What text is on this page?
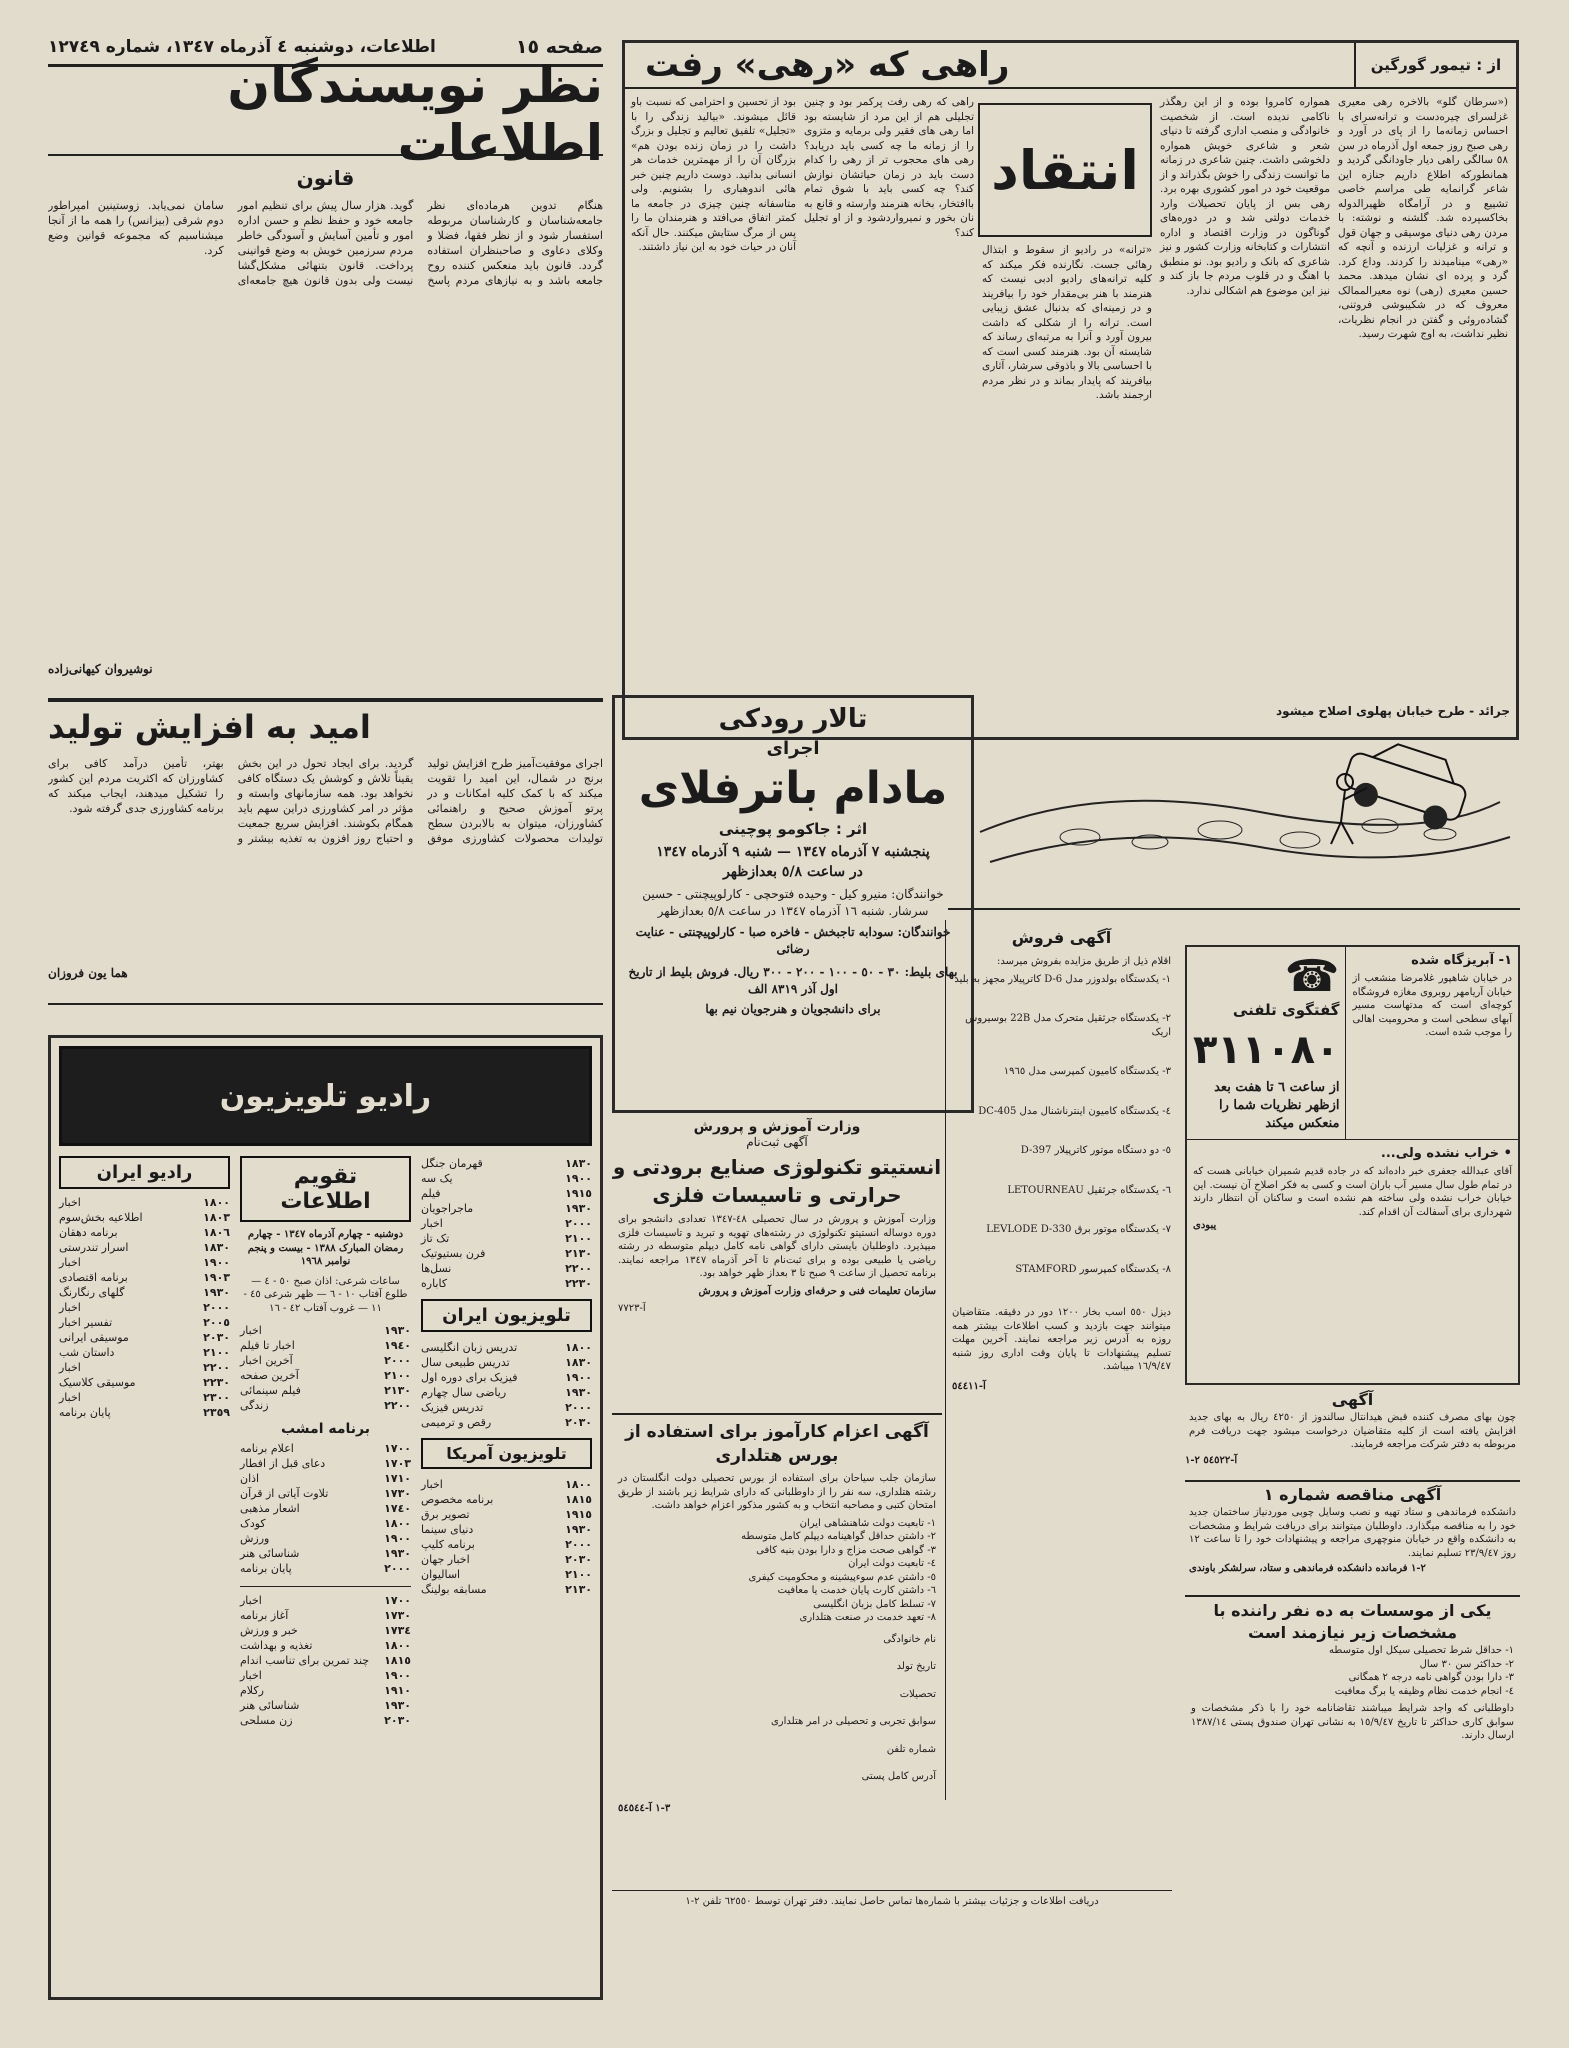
صفحه ١٥
اطلاعات، دوشنبه ٤ آذرماه ١٣٤٧، شماره ١٢٧٤٩
از : تیمور گورگین
راهی که «رهی» رفت
(«سرطان گلو» بالاخره رهی معیری غزلسرای چیره‌دست و ترانه‌سرای با احساس زمانه‌ما را از پای در آورد و رهی صبح روز جمعه اول آذرماه در سن ٥٨ سالگی راهی دیار جاودانگی گردید و همانطورکه اطلاع داریم جنازه این شاعر گرانمایه طی مراسم خاصی تشییع و در آرامگاه ظهیرالدوله بخاکسپرده شد. گلشنه و نوشته: با مردن رهی دنیای موسیقی و جهان قول و ترانه و غزلیات ارزنده و آنچه که «رهی» مینامیدند را کردند. وداع کرد. گرد و پرده ای نشان میدهد. محمد حسین معیری (رهی) نوه معیرالممالک معروف که در شکیبوشی فروتنی، گشاده‌روئی و گفتن در انجام نظریات، نظیر نداشت، به اوج شهرت رسید.
همواره کامروا بوده و از این رهگذر ناکامی ندیده است. از شخصیت خانوادگی و منصب اداری گرفته تا دنیای شعر و شاعری خویش همواره دلخوشی داشت. چنین شاعری در زمانه ما توانست زندگی را خوش بگذراند و از موقعیت خود در امور کشوری بهره برد. رهی بس از پایان تحصیلات وارد خدمات دولتی شد و در دوره‌های گوناگون در وزارت اقتصاد و اداره انتشارات و کتابخانه وزارت کشور و نیز شاعری که بانک و رادیو بود. نو منطبق با اهنگ و در قلوب مردم جا باز کند و نیز این موضوع هم اشکالی ندارد.
«ترانه» در رادیو از سقوط و ابتذال رهائی جست. نگارنده فکر میکند که کلیه ترانه‌های رادیو ادبی نیست که هنرمند با هنر بی‌مقدار خود را بیافریند و در زمینه‌ای که بدنبال عشق زیبایی است. ترانه را از شکلی که داشت بیرون آورد و آنرا به مرتبه‌ای رساند که شایسته آن بود. هنرمند کسی است که با احساسی بالا و باذوقی سرشار، آثاری بیافریند که پایدار بماند و در نظر مردم ارجمند باشد.
انتقاد
راهی که رهی رفت پرکمر بود و چنین تجلیلی هم از این مرد از شایسته بود اما رهی های فقیر ولی برمایه و متزوی را از زمانه ما چه کسی باید دریابد؟ رهی های محجوب تر از رهی را کدام دست باید در زمان حیاتشان نوازش کند؟ چه کسی باید با شوق تمام باافتخار، بخانه هنرمند وارسته و قانع به نان بخور و نمیرواردشود و از او تجلیل کند؟
بود از تحسین و احترامی که نسبت باو قائل میشوند. «بیالید زندگی را با «تجلیل» تلفیق تعالیم و تجلیل و بزرگ داشت را در زمان زنده بودن هم» بزرگان آن را از مهمترین خدمات هر انسانی بدانید. دوست داریم چنین خبر هائی اندوهباری را بشنویم. ولی متاسفانه چنین چیزی در جامعه ما کمتر اتفاق می‌افتد و هنرمندان ما را پس از مرگ ستایش میکنند. حال آنکه آنان در حیات خود به این نیاز داشتند.
نظر نویسندگان اطلاعات
قانون
هنگام تدوین هرماده‌ای نظر جامعه‌شناسان و کارشناسان مربوطه استفسار شود و از نظر فقها، فضلا و وکلای دعاوی و صاحبنظران استفاده گردد. قانون باید منعکس کننده روح جامعه باشد و به نیازهای مردم پاسخ گوید. هزار سال پیش برای تنظیم امور جامعه خود و حفظ نظم و حسن اداره امور و تأمین آسایش و آسودگی خاطر مردم سرزمین خویش به وضع قوانینی پرداخت. قانون بتنهائی مشکل‌گشا نیست ولی بدون قانون هیچ جامعه‌ای سامان نمی‌یابد. زوستینین امپراطور دوم شرقی (بیزانس) را همه ما از آنجا میشناسیم که مجموعه قوانین وضع کرد.
نوشیروان کیهانی‌زاده
امید به افزایش تولید
اجرای موفقیت‌آمیز طرح افزایش تولید برنج در شمال، این امید را تقویت میکند که با کمک کلیه امکانات و در پرتو آموزش صحیح و راهنمائی کشاورزان، میتوان به بالابردن سطح تولیدات محصولات کشاورزی موفق گردید. برای ایجاد تحول در این بخش یقیناً تلاش و کوشش یک دستگاه کافی نخواهد بود. همه سازمانهای وابسته و مؤثر در امر کشاورزی دراین سهم باید همگام بکوشند. افزایش سریع جمعیت و احتیاج روز افزون به تغذیه بیشتر و بهتر، تأمین درآمد کافی برای کشاورزان که اکثریت مردم این کشور را تشکیل میدهند، ایجاب میکند که برنامه کشاورزی جدی گرفته شود.
هما یون فروزان
جرائد - طرح خیابان پهلوی اصلاح میشود
تالار رودکی
اجرای
مادام باترفلای
اثر : جاکومو پوچینی
پنجشنبه ٧ آذرماه ١٣٤٧ — شنبه ٩ آذرماه ١٣٤٧
در ساعت ٥/٨ بعدازظهر
خوانندگان: منیرو کیل - وحیده فتوحچی - کارلوپیچنتی - حسین سرشار. شنبه ١٦ آذرماه ١٣٤٧ در ساعت ٥/٨ بعدازظهر
خوانندگان: سودابه تاجبخش - فاخره صبا - کارلوپیچنتی - عنایت رضائی
بهای بلیط: ٣٠ - ٥٠ - ١٠٠ - ٢٠٠ - ٣٠٠ ریال. فروش بلیط از تاریخ اول آذر ٨٣١٩ الف
برای دانشجویان و هنرجویان نیم بها
آگهی فروش
اقلام ذیل از طریق مزایده بفروش میرسد:
١- یکدستگاه بولدوزر مدل D-6 کاترپیلار مجهز به بلید
٢- یکدستگاه جرثقیل متحرک مدل 22B بوسیروس اریک
٣- یکدستگاه کامیون کمپرسی مدل ١٩٦٥
٤- یکدستگاه کامیون اینترناشنال مدل DC-405
٥- دو دستگاه موتور کاترپیلار D-397
٦- یکدستگاه جرثقیل LETOURNEAU
٧- یکدستگاه موتور برق LEVLODE D-330
٨- یکدستگاه کمپرسور STAMFORD
دیزل ٥٥٠ اسب بخار ١٢٠٠ دور در دقیقه. متقاضیان میتوانند جهت بازدید و کسب اطلاعات بیشتر همه روزه به آدرس زیر مراجعه نمایند. آخرین مهلت تسلیم پیشنهادات تا پایان وقت اداری روز شنبه ١٦/٩/٤٧ میباشد.
آ-٥٤٤١١
١- آبریزگاه شده
در خیابان شاهپور غلامرضا منشعب از خیابان آریامهر روبروی مغازه فروشگاه کوچه‌ای است که مدتهاست مسیر آبهای سطحی است و محرومیت اهالی را موجب شده است.
☎
گفتگوی تلفنی
٣١١٠٨٠
از ساعت ٦ تا هفت بعد ازظهر نظریات شما را منعکس میکند
• خراب نشده ولی...
آقای عبدالله جعفری خبر داده‌اند که در جاده قدیم شمیران خیابانی هست که در تمام طول سال مسیر آب باران است و کسی به فکر اصلاح آن نیست. این خیابان خراب نشده ولی ساخته هم نشده است و ساکنان آن انتظار دارند شهرداری برای آسفالت آن اقدام کند.
یبودی
آگهی
چون بهای مصرف کننده قبض هیدانتال سالندوز از ٤٢٥٠ ریال به بهای جدید افزایش یافته است از کلیه متقاضیان درخواست میشود جهت دریافت فرم مربوطه به دفتر شرکت مراجعه فرمایند.
آ-٥٤٥٢٢ ٢-١
آگهی مناقصه شماره ١
دانشکده فرماندهی و ستاد تهیه و نصب وسایل چوبی موردنیاز ساختمان جدید خود را به مناقصه میگذارد. داوطلبان میتوانند برای دریافت شرایط و مشخصات به دانشکده واقع در خیابان منوچهری مراجعه و پیشنهادات خود را تا ساعت ١٢ روز ٢٣/٩/٤٧ تسلیم نمایند.
٢-١ فرمانده دانشکده فرماندهی و ستاد، سرلشکر باوندی
یکی از موسسات به ده نفر راننده با مشخصات زیر نیازمند است
١- حداقل شرط تحصیلی سیکل اول متوسطه
٢- حداکثر سن ٣٠ سال
٣- دارا بودن گواهی نامه درجه ٢ همگانی
٤- انجام خدمت نظام وظیفه یا برگ معافیت
داوطلبانی که واجد شرایط میباشند تقاضانامه خود را با ذکر مشخصات و سوابق کاری حداکثر تا تاریخ ١٥/٩/٤٧ به نشانی تهران صندوق پستی ١٣٨٧/١٤ ارسال دارند.
وزارت آموزش و پرورش
آگهی ثبت‌نام
انستیتو تکنولوژی صنایع برودتی و حرارتی و تاسیسات فلزی
وزارت آموزش و پرورش در سال تحصیلی ٤٨-١٣٤٧ تعدادی دانشجو برای دوره دوساله انستیتو تکنولوژی در رشته‌های تهویه و تبرید و تاسیسات فلزی میپذیرد. داوطلبان بایستی دارای گواهی نامه کامل دیپلم متوسطه در رشته ریاضی یا طبیعی بوده و برای ثبت‌نام تا آخر آذرماه ١٣٤٧ مراجعه نمایند. برنامه تحصیل از ساعت ٩ صبح تا ٣ بعداز ظهر خواهد بود.
سازمان تعلیمات فنی و حرفه‌ای وزارت آموزش و پرورش
آ-٧٧٢٣
آگهی اعزام کارآموز برای استفاده از بورس هتلداری
سازمان جلب سیاحان برای استفاده از بورس تحصیلی دولت انگلستان در رشته هتلداری، سه نفر را از داوطلبانی که دارای شرایط زیر باشند از طریق امتحان کتبی و مصاحبه انتخاب و به کشور مذکور اعزام خواهد داشت.
١- تابعیت دولت شاهنشاهی ایران
٢- داشتن حداقل گواهینامه دیپلم کامل متوسطه
٣- گواهی صحت مزاج و دارا بودن بنیه کافی
٤- تابعیت دولت ایران
٥- داشتن عدم سوءپیشینه و محکومیت کیفری
٦- داشتن کارت پایان خدمت یا معافیت
٧- تسلط کامل بزبان انگلیسی
٨- تعهد خدمت در صنعت هتلداری
نام خانوادگی
تاریخ تولد
تحصیلات
سوابق تجربی و تحصیلی در امر هتلداری
شماره تلفن
آدرس کامل پستی
٣-١ آ-٥٤٥٤٤
دریافت اطلاعات و جزئیات بیشتر با شماره‌ها تماس حاصل نمایند. دفتر تهران توسط ٦٢٥٥٠ تلفن ٢-١
رادیو تلویزیون
١٨٣٠
قهرمان جنگل
١٩٠٠
یک سه
١٩١٥
فیلم
١٩٣٠
ماجراجویان
٢٠٠٠
اخبار
٢١٠٠
تک تاز
٢١٣٠
فرن بستیوتیک
٢٢٠٠
نسل‌ها
٢٢٣٠
کاباره
تلویزیون ایران
١٨٠٠
تدریس زبان انگلیسی
١٨٣٠
تدریس طبیعی سال
١٩٠٠
فیزیک برای دوره اول
١٩٣٠
ریاضی سال چهارم
٢٠٠٠
تدریس فیزیک
٢٠٣٠
رقص و ترمیمی
تلویزیون آمریکا
١٨٠٠
اخبار
١٨١٥
برنامه مخصوص
١٩١٥
تصویر برق
١٩٣٠
دنیای سینما
٢٠٠٠
برنامه کلیپ
٢٠٣٠
اخبار جهان
٢١٠٠
اسالیوان
٢١٣٠
مسابقه بولینگ
تقویم اطلاعات
دوشنبه - چهارم آذرماه ١٣٤٧ - چهارم رمضان المبارک ١٣٨٨ - بیست و پنجم نوامبر ١٩٦٨
ساعات شرعی: اذان صبح ٥٠ - ٤ — طلوع آفتاب ١٠ - ٦ — ظهر شرعی ٤٥ - ١١ — غروب آفتاب ٤٢ - ١٦
١٩٣٠
اخبار
١٩٤٠
اخبار تا فیلم
٢٠٠٠
آخرین اخبار
٢١٠٠
آخرین صفحه
٢١٣٠
فیلم سینمائی
٢٢٠٠
زندگی
برنامه امشب
١٧٠٠
اعلام برنامه
١٧٠٣
دعای قبل از افطار
١٧١٠
اذان
١٧٣٠
تلاوت آیاتی از قرآن
١٧٤٠
اشعار مذهبی
١٨٠٠
کودک
١٩٠٠
ورزش
١٩٣٠
شناسائی هنر
٢٠٠٠
پایان برنامه
١٧٠٠
اخبار
١٧٣٠
آغاز برنامه
١٧٣٤
خبر و ورزش
١٨٠٠
تغذیه و بهداشت
١٨١٥
چند تمرین برای تناسب اندام
١٩٠٠
اخبار
١٩١٠
رکلام
١٩٣٠
شناسائی هنر
٢٠٣٠
زن مسلحی
رادیو ایران
١٨٠٠
اخبار
١٨٠٣
اطلاعیه بخش‌سوم
١٨٠٦
برنامه دهقان
١٨٣٠
اسرار تندرستی
١٩٠٠
اخبار
١٩٠٣
برنامه اقتصادی
١٩٣٠
گلهای رنگارنگ
٢٠٠٠
اخبار
٢٠٠٥
تفسیر اخبار
٢٠٣٠
موسیقی ایرانی
٢١٠٠
داستان شب
٢٢٠٠
اخبار
٢٢٣٠
موسیقی کلاسیک
٢٣٠٠
اخبار
٢٣٥٩
پایان برنامه
